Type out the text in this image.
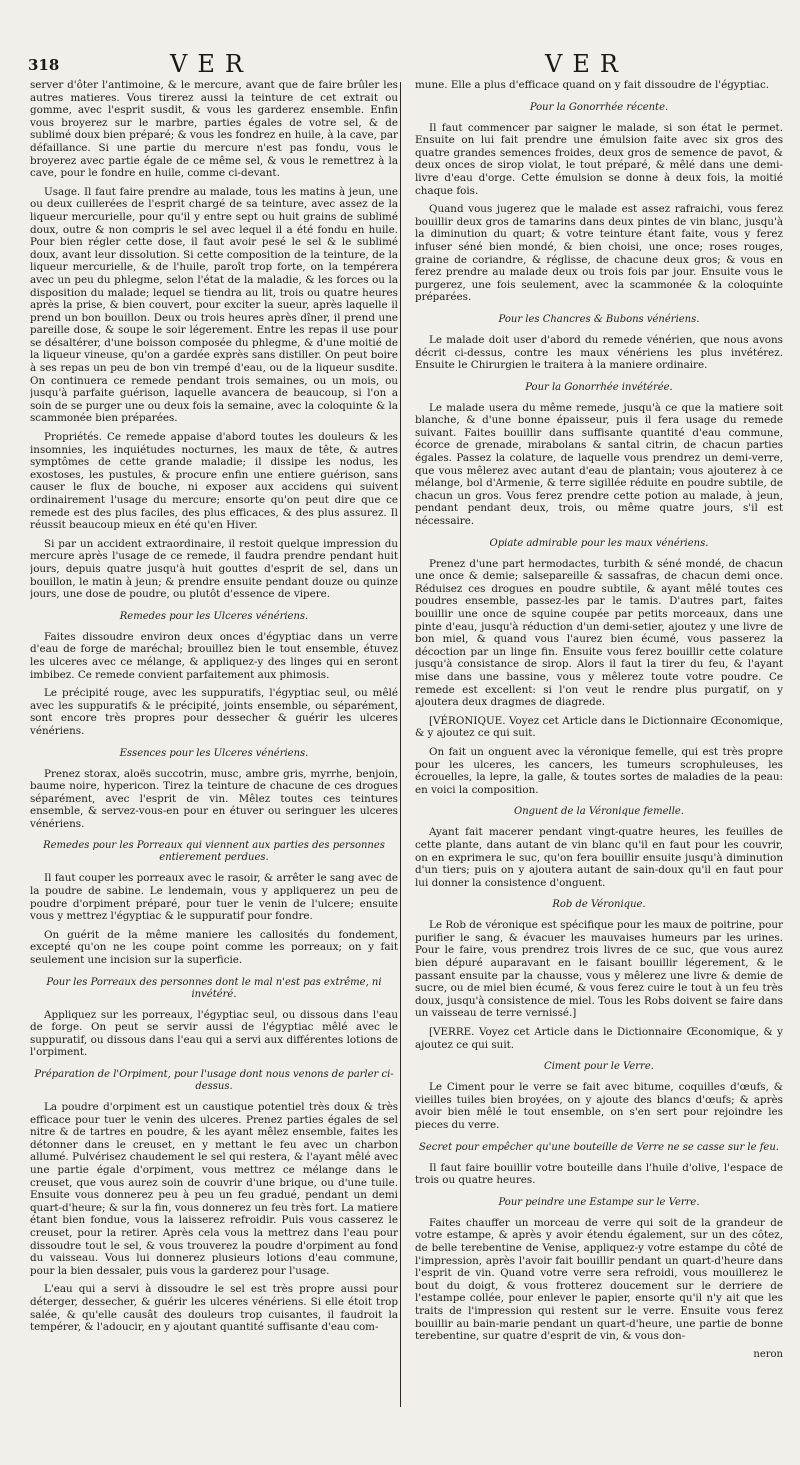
318	VER	VER

server d'ôter l'antimoine, & le mercure, avant que de faire brûler les autres matieres. Vous tirerez aussi la teinture de cet extrait ou gomme, avec l'esprit susdit, & vous les garderez ensemble. Enfin vous broyerez sur le marbre, parties égales de votre sel, & de sublimé doux bien préparé; & vous les fondrez en huile, à la cave, par défaillance. Si une partie du mercure n'est pas fondu, vous le broyerez avec partie égale de ce même sel, & vous le remettrez à la cave, pour le fondre en huile, comme ci-devant.

Usage. Il faut faire prendre au malade, tous les matins à jeun, une ou deux cuillerées de l'esprit chargé de sa teinture, avec assez de la liqueur mercurielle, pour qu'il y entre sept ou huit grains de sublimé doux, outre & non compris le sel avec lequel il a été fondu en huile. Pour bien régler cette dose, il faut avoir pesé le sel & le sublimé doux, avant leur dissolution. Si cette composition de la teinture, de la liqueur mercurielle, & de l'huile, paroît trop forte, on la tempérera avec un peu du phlegme, selon l'état de la maladie, & les forces ou la disposition du malade; lequel se tiendra au lit, trois ou quatre heures après la prise, & bien couvert, pour exciter la sueur, après laquelle il prend un bon bouillon. Deux ou trois heures après dîner, il prend une pareille dose, & soupe le soir légerement. Entre les repas il use pour se désaltérer, d'une boisson composée du phlegme, & d'une moitié de la liqueur vineuse, qu'on a gardée exprès sans distiller. On peut boire à ses repas un peu de bon vin trempé d'eau, ou de la liqueur susdite. On continuera ce remede pendant trois semaines, ou un mois, ou jusqu'à parfaite guérison, laquelle avancera de beaucoup, si l'on a soin de se purger une ou deux fois la semaine, avec la coloquinte & la scammonée bien préparées.

Propriétés. Ce remede appaise d'abord toutes les douleurs & les insomnies, les inquiétudes nocturnes, les maux de tête, & autres symptômes de cette grande maladie; il dissipe les nodus, les exostoses, les pustules, & procure enfin une entiere guérison, sans causer le flux de bouche, ni exposer aux accidens qui suivent ordinairement l'usage du mercure; ensorte qu'on peut dire que ce remede est des plus faciles, des plus efficaces, & des plus assurez. Il réussit beaucoup mieux en été qu'en Hiver.

Si par un accident extraordinaire, il restoit quelque impression du mercure après l'usage de ce remede, il faudra prendre pendant huit jours, depuis quatre jusqu'à huit gouttes d'esprit de sel, dans un bouillon, le matin à jeun; & prendre ensuite pendant douze ou quinze jours, une dose de poudre, ou plutôt d'essence de vipere.

Remedes pour les Ulceres vénériens.

Faites dissoudre environ deux onces d'égyptiac dans un verre d'eau de forge de maréchal; brouillez bien le tout ensemble, étuvez les ulceres avec ce mélange, & appliquez-y des linges qui en seront imbibez. Ce remede convient parfaitement aux phimosis.

Le précipité rouge, avec les suppuratifs, l'égyptiac seul, ou mêlé avec les suppuratifs & le précipité, joints ensemble, ou séparément, sont encore très propres pour dessecher & guérir les ulceres vénériens.

Essences pour les Ulceres vénériens.

Prenez storax, aloës succotrin, musc, ambre gris, myrrhe, benjoin, baume noire, hypericon. Tirez la teinture de chacune de ces drogues séparément, avec l'esprit de vin. Mêlez toutes ces teintures ensemble, & servez-vous-en pour en étuver ou seringuer les ulceres vénériens.

Remedes pour les Porreaux qui viennent aux parties des personnes entierement perdues.

Il faut couper les porreaux avec le rasoir, & arrêter le sang avec de la poudre de sabine. Le lendemain, vous y appliquerez un peu de poudre d'orpiment préparé, pour tuer le venin de l'ulcere; ensuite vous y mettrez l'égyptiac & le suppuratif pour fondre.

On guérit de la même maniere les callosités du fondement, excepté qu'on ne les coupe point comme les porreaux; on y fait seulement une incision sur la superficie.

Pour les Porreaux des personnes dont le mal n'est pas extrême, ni invétéré.

Appliquez sur les porreaux, l'égyptiac seul, ou dissous dans l'eau de forge. On peut se servir aussi de l'égyptiac mêlé avec le suppuratif, ou dissous dans l'eau qui a servi aux différentes lotions de l'orpiment.

Préparation de l'Orpiment, pour l'usage dont nous venons de parler ci-dessus.

La poudre d'orpiment est un caustique potentiel très doux & très efficace pour tuer le venin des ulceres. Prenez parties égales de sel nitre & de tartres en poudre, & les ayant mêlez ensemble, faites les détonner dans le creuset, en y mettant le feu avec un charbon allumé. Pulvérisez chaudement le sel qui restera, & l'ayant mêlé avec une partie égale d'orpiment, vous mettrez ce mélange dans le creuset, que vous aurez soin de couvrir d'une brique, ou d'une tuile. Ensuite vous donnerez peu à peu un feu gradué, pendant un demi quart-d'heure; & sur la fin, vous donnerez un feu très fort. La matiere étant bien fondue, vous la laisserez refroidir. Puis vous casserez le creuset, pour la retirer. Après cela vous la mettrez dans l'eau pour dissoudre tout le sel, & vous trouverez la poudre d'orpiment au fond du vaisseau. Vous lui donnerez plusieurs lotions d'eau commune, pour la bien dessaler, puis vous la garderez pour l'usage.

L'eau qui a servi à dissoudre le sel est très propre aussi pour déterger, dessecher, & guérir les ulceres vénériens. Si elle étoit trop salée, & qu'elle causât des douleurs trop cuisantes, il faudroit la tempérer, & l'adoucir, en y ajoutant quantité suffisante d'eau com-

mune. Elle a plus d'efficace quand on y fait dissoudre de l'égyptiac.

Pour la Gonorrhée récente.

Il faut commencer par saigner le malade, si son état le permet. Ensuite on lui fait prendre une émulsion faite avec six gros des quatre grandes semences froides, deux gros de semence de pavot, & deux onces de sirop violat, le tout préparé, & mêlé dans une demi-livre d'eau d'orge. Cette émulsion se donne à deux fois, la moitié chaque fois.

Quand vous jugerez que le malade est assez rafraichi, vous ferez bouillir deux gros de tamarins dans deux pintes de vin blanc, jusqu'à la diminution du quart; & votre teinture étant faite, vous y ferez infuser séné bien mondé, & bien choisi, une once; roses rouges, graine de coriandre, & réglisse, de chacune deux gros; & vous en ferez prendre au malade deux ou trois fois par jour. Ensuite vous le purgerez, une fois seulement, avec la scammonée & la coloquinte préparées.

Pour les Chancres & Bubons vénériens.

Le malade doit user d'abord du remede vénérien, que nous avons décrit ci-dessus, contre les maux vénériens les plus invétérez. Ensuite le Chirurgien le traitera à la maniere ordinaire.

Pour la Gonorrhée invétérée.

Le malade usera du même remede, jusqu'à ce que la matiere soit blanche, & d'une bonne épaisseur, puis il fera usage du remede suivant. Faites bouillir dans suffisante quantité d'eau commune, écorce de grenade, mirabolans & santal citrin, de chacun parties égales. Passez la colature, de laquelle vous prendrez un demi-verre, que vous mêlerez avec autant d'eau de plantain; vous ajouterez à ce mélange, bol d'Armenie, & terre sigillée réduite en poudre subtile, de chacun un gros. Vous ferez prendre cette potion au malade, à jeun, pendant pendant deux, trois, ou même quatre jours, s'il est nécessaire.

Opiate admirable pour les maux vénériens.

Prenez d'une part hermodactes, turbith & séné mondé, de chacun une once & demie; salsepareille & sassafras, de chacun demi once. Réduisez ces drogues en poudre subtile, & ayant mêlé toutes ces poudres ensemble, passez-les par le tamis. D'autres part, faites bouillir une once de squine coupée par petits morceaux, dans une pinte d'eau, jusqu'à réduction d'un demi-setier, ajoutez y une livre de bon miel, & quand vous l'aurez bien écumé, vous passerez la décoction par un linge fin. Ensuite vous ferez bouillir cette colature jusqu'à consistance de sirop. Alors il faut la tirer du feu, & l'ayant mise dans une bassine, vous y mêlerez toute votre poudre. Ce remede est excellent: si l'on veut le rendre plus purgatif, on y ajoutera deux dragmes de diagrede.

[VÉRONIQUE. Voyez cet Article dans le Dictionnaire Œconomique, & y ajoutez ce qui suit.

On fait un onguent avec la véronique femelle, qui est très propre pour les ulceres, les cancers, les tumeurs scrophuleuses, les écrouelles, la lepre, la galle, & toutes sortes de maladies de la peau: en voici la composition.

Onguent de la Véronique femelle.

Ayant fait macerer pendant vingt-quatre heures, les feuilles de cette plante, dans autant de vin blanc qu'il en faut pour les couvrir, on en exprimera le suc, qu'on fera bouillir ensuite jusqu'à diminution d'un tiers; puis on y ajoutera autant de sain-doux qu'il en faut pour lui donner la consistence d'onguent.

Rob de Véronique.

Le Rob de véronique est spécifique pour les maux de poitrine, pour purifier le sang, & évacuer les mauvaises humeurs par les urines. Pour le faire, vous prendrez trois livres de ce suc, que vous aurez bien dépuré auparavant en le faisant bouillir légerement, & le passant ensuite par la chausse, vous y mêlerez une livre & demie de sucre, ou de miel bien écumé, & vous ferez cuire le tout à un feu très doux, jusqu'à consistence de miel. Tous les Robs doivent se faire dans un vaisseau de terre vernissé.]

[VERRE. Voyez cet Article dans le Dictionnaire Œconomique, & y ajoutez ce qui suit.

Ciment pour le Verre.

Le Ciment pour le verre se fait avec bitume, coquilles d'œufs, & vieilles tuiles bien broyées, on y ajoute des blancs d'œufs; & après avoir bien mêlé le tout ensemble, on s'en sert pour rejoindre les pieces du verre.

Secret pour empêcher qu'une bouteille de Verre ne se casse sur le feu.

Il faut faire bouillir votre bouteille dans l'huile d'olive, l'espace de trois ou quatre heures.

Pour peindre une Estampe sur le Verre.

Faites chauffer un morceau de verre qui soit de la grandeur de votre estampe, & après y avoir étendu également, sur un des côtez, de belle terebentine de Venise, appliquez-y votre estampe du côté de l'impression, après l'avoir fait bouillir pendant un quart-d'heure dans l'esprit de vin. Quand votre verre sera refroidi, vous mouillerez le bout du doigt, & vous frotterez doucement sur le derriere de l'estampe collée, pour enlever le papier, ensorte qu'il n'y ait que les traits de l'impression qui restent sur le verre. Ensuite vous ferez bouillir au bain-marie pendant un quart-d'heure, une partie de bonne terebentine, sur quatre d'esprit de vin, & vous don-

neron
